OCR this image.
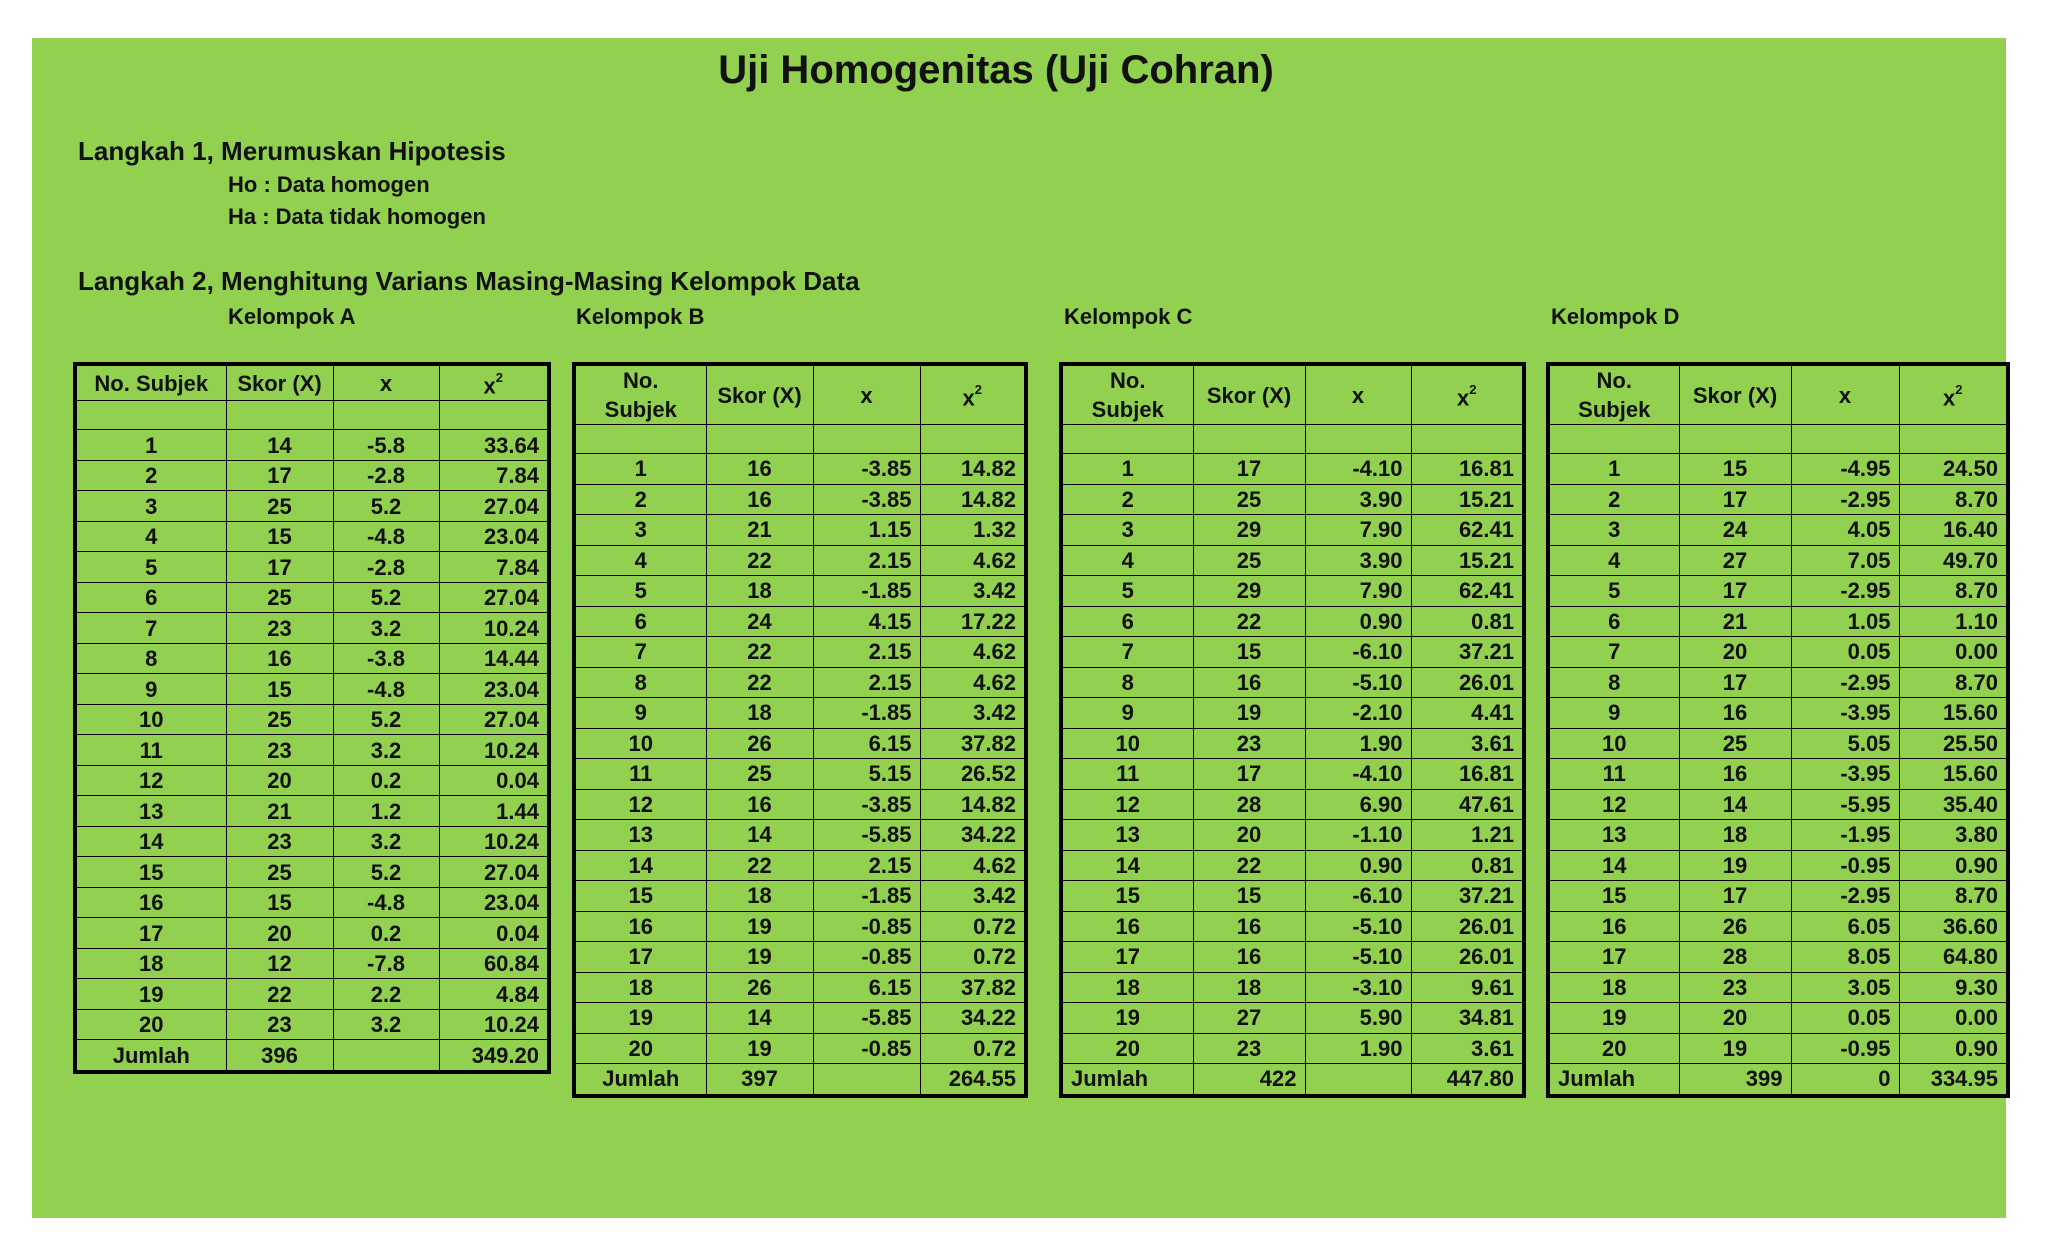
Uji Homogenitas (Uji Cohran)
Langkah 1, Merumuskan Hipotesis
Ho : Data homogen
Ha : Data tidak homogen
Langkah 2, Menghitung Varians Masing-Masing Kelompok Data
Kelompok A	Kelompok B	Kelompok C	Kelompok D
No. Subjek	Skor (X)	x	$x^2$

1	14	-5.8	33.64
2	17	-2.8	7.84
3	25	5.2	27.04
4	15	-4.8	23.04
5	17	-2.8	7.84
6	25	5.2	27.04
7	23	3.2	10.24
8	16	-3.8	14.44
9	15	-4.8	23.04
10	25	5.2	27.04
11	23	3.2	10.24
12	20	0.2	0.04
13	21	1.2	1.44
14	23	3.2	10.24
15	25	5.2	27.04
16	15	-4.8	23.04
17	20	0.2	0.04
18	12	-7.8	60.84
19	22	2.2	4.84
20	23	3.2	10.24
Jumlah	396		349.20
No. Subjek	Skor (X)	x	$x^2$

1	16	-3.85	14.82
2	16	-3.85	14.82
3	21	1.15	1.32
4	22	2.15	4.62
5	18	-1.85	3.42
6	24	4.15	17.22
7	22	2.15	4.62
8	22	2.15	4.62
9	18	-1.85	3.42
10	26	6.15	37.82
11	25	5.15	26.52
12	16	-3.85	14.82
13	14	-5.85	34.22
14	22	2.15	4.62
15	18	-1.85	3.42
16	19	-0.85	0.72
17	19	-0.85	0.72
18	26	6.15	37.82
19	14	-5.85	34.22
20	19	-0.85	0.72
Jumlah	397		264.55
No. Subjek	Skor (X)	x	$x^2$

1	17	-4.10	16.81
2	25	3.90	15.21
3	29	7.90	62.41
4	25	3.90	15.21
5	29	7.90	62.41
6	22	0.90	0.81
7	15	-6.10	37.21
8	16	-5.10	26.01
9	19	-2.10	4.41
10	23	1.90	3.61
11	17	-4.10	16.81
12	28	6.90	47.61
13	20	-1.10	1.21
14	22	0.90	0.81
15	15	-6.10	37.21
16	16	-5.10	26.01
17	16	-5.10	26.01
18	18	-3.10	9.61
19	27	5.90	34.81
20	23	1.90	3.61
Jumlah	422		447.80
No. Subjek	Skor (X)	x	$x^2$

1	15	-4.95	24.50
2	17	-2.95	8.70
3	24	4.05	16.40
4	27	7.05	49.70
5	17	-2.95	8.70
6	21	1.05	1.10
7	20	0.05	0.00
8	17	-2.95	8.70
9	16	-3.95	15.60
10	25	5.05	25.50
11	16	-3.95	15.60
12	14	-5.95	35.40
13	18	-1.95	3.80
14	19	-0.95	0.90
15	17	-2.95	8.70
16	26	6.05	36.60
17	28	8.05	64.80
18	23	3.05	9.30
19	20	0.05	0.00
20	19	-0.95	0.90
Jumlah	399	0	334.95
